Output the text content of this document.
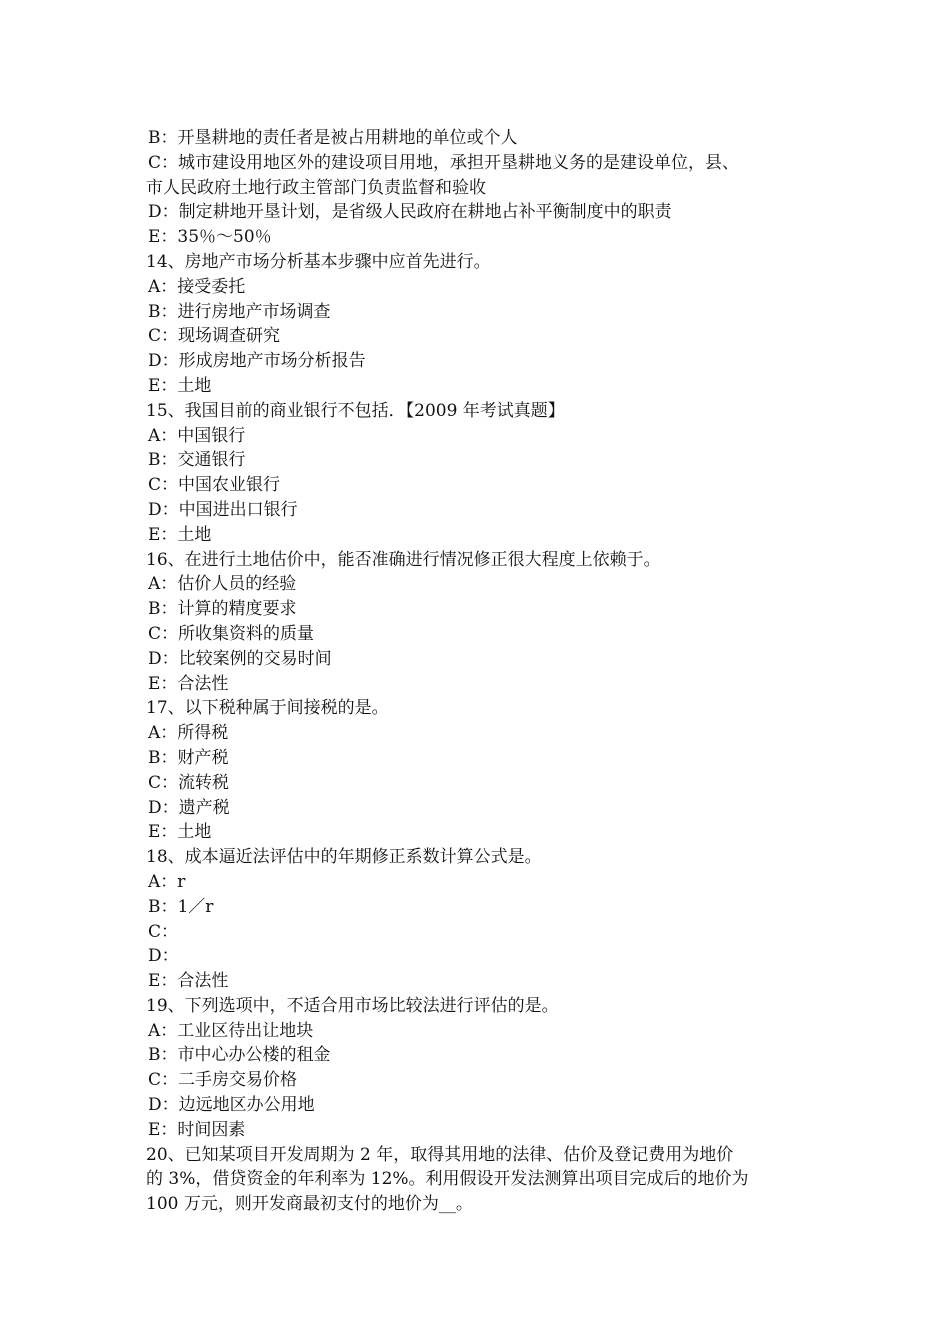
B：开垦耕地的责任者是被占用耕地的单位或个人
C：城市建设用地区外的建设项目用地，承担开垦耕地义务的是建设单位，县、
市人民政府土地行政主管部门负责监督和验收
D：制定耕地开垦计划，是省级人民政府在耕地占补平衡制度中的职责
E：35％～50％
14、房地产市场分析基本步骤中应首先进行。
A：接受委托
B：进行房地产市场调查
C：现场调查研究
D：形成房地产市场分析报告
E：土地
15、我国目前的商业银行不包括．【2009 年考试真题】
A：中国银行
B：交通银行
C：中国农业银行
D：中国进出口银行
E：土地
16、在进行土地估价中，能否准确进行情况修正很大程度上依赖于。
A：估价人员的经验
B：计算的精度要求
C：所收集资料的质量
D：比较案例的交易时间
E：合法性
17、以下税种属于间接税的是。
A：所得税
B：财产税
C：流转税
D：遗产税
E：土地
18、成本逼近法评估中的年期修正系数计算公式是。
A：r
B：1／r
C：
D：
E：合法性
19、下列选项中，不适合用市场比较法进行评估的是。
A：工业区待出让地块
B：市中心办公楼的租金
C：二手房交易价格
D：边远地区办公用地
E：时间因素
20、已知某项目开发周期为 2 年，取得其用地的法律、估价及登记费用为地价
的 3%，借贷资金的年利率为 12%。利用假设开发法测算出项目完成后的地价为
100 万元，则开发商最初支付的地价为__。
